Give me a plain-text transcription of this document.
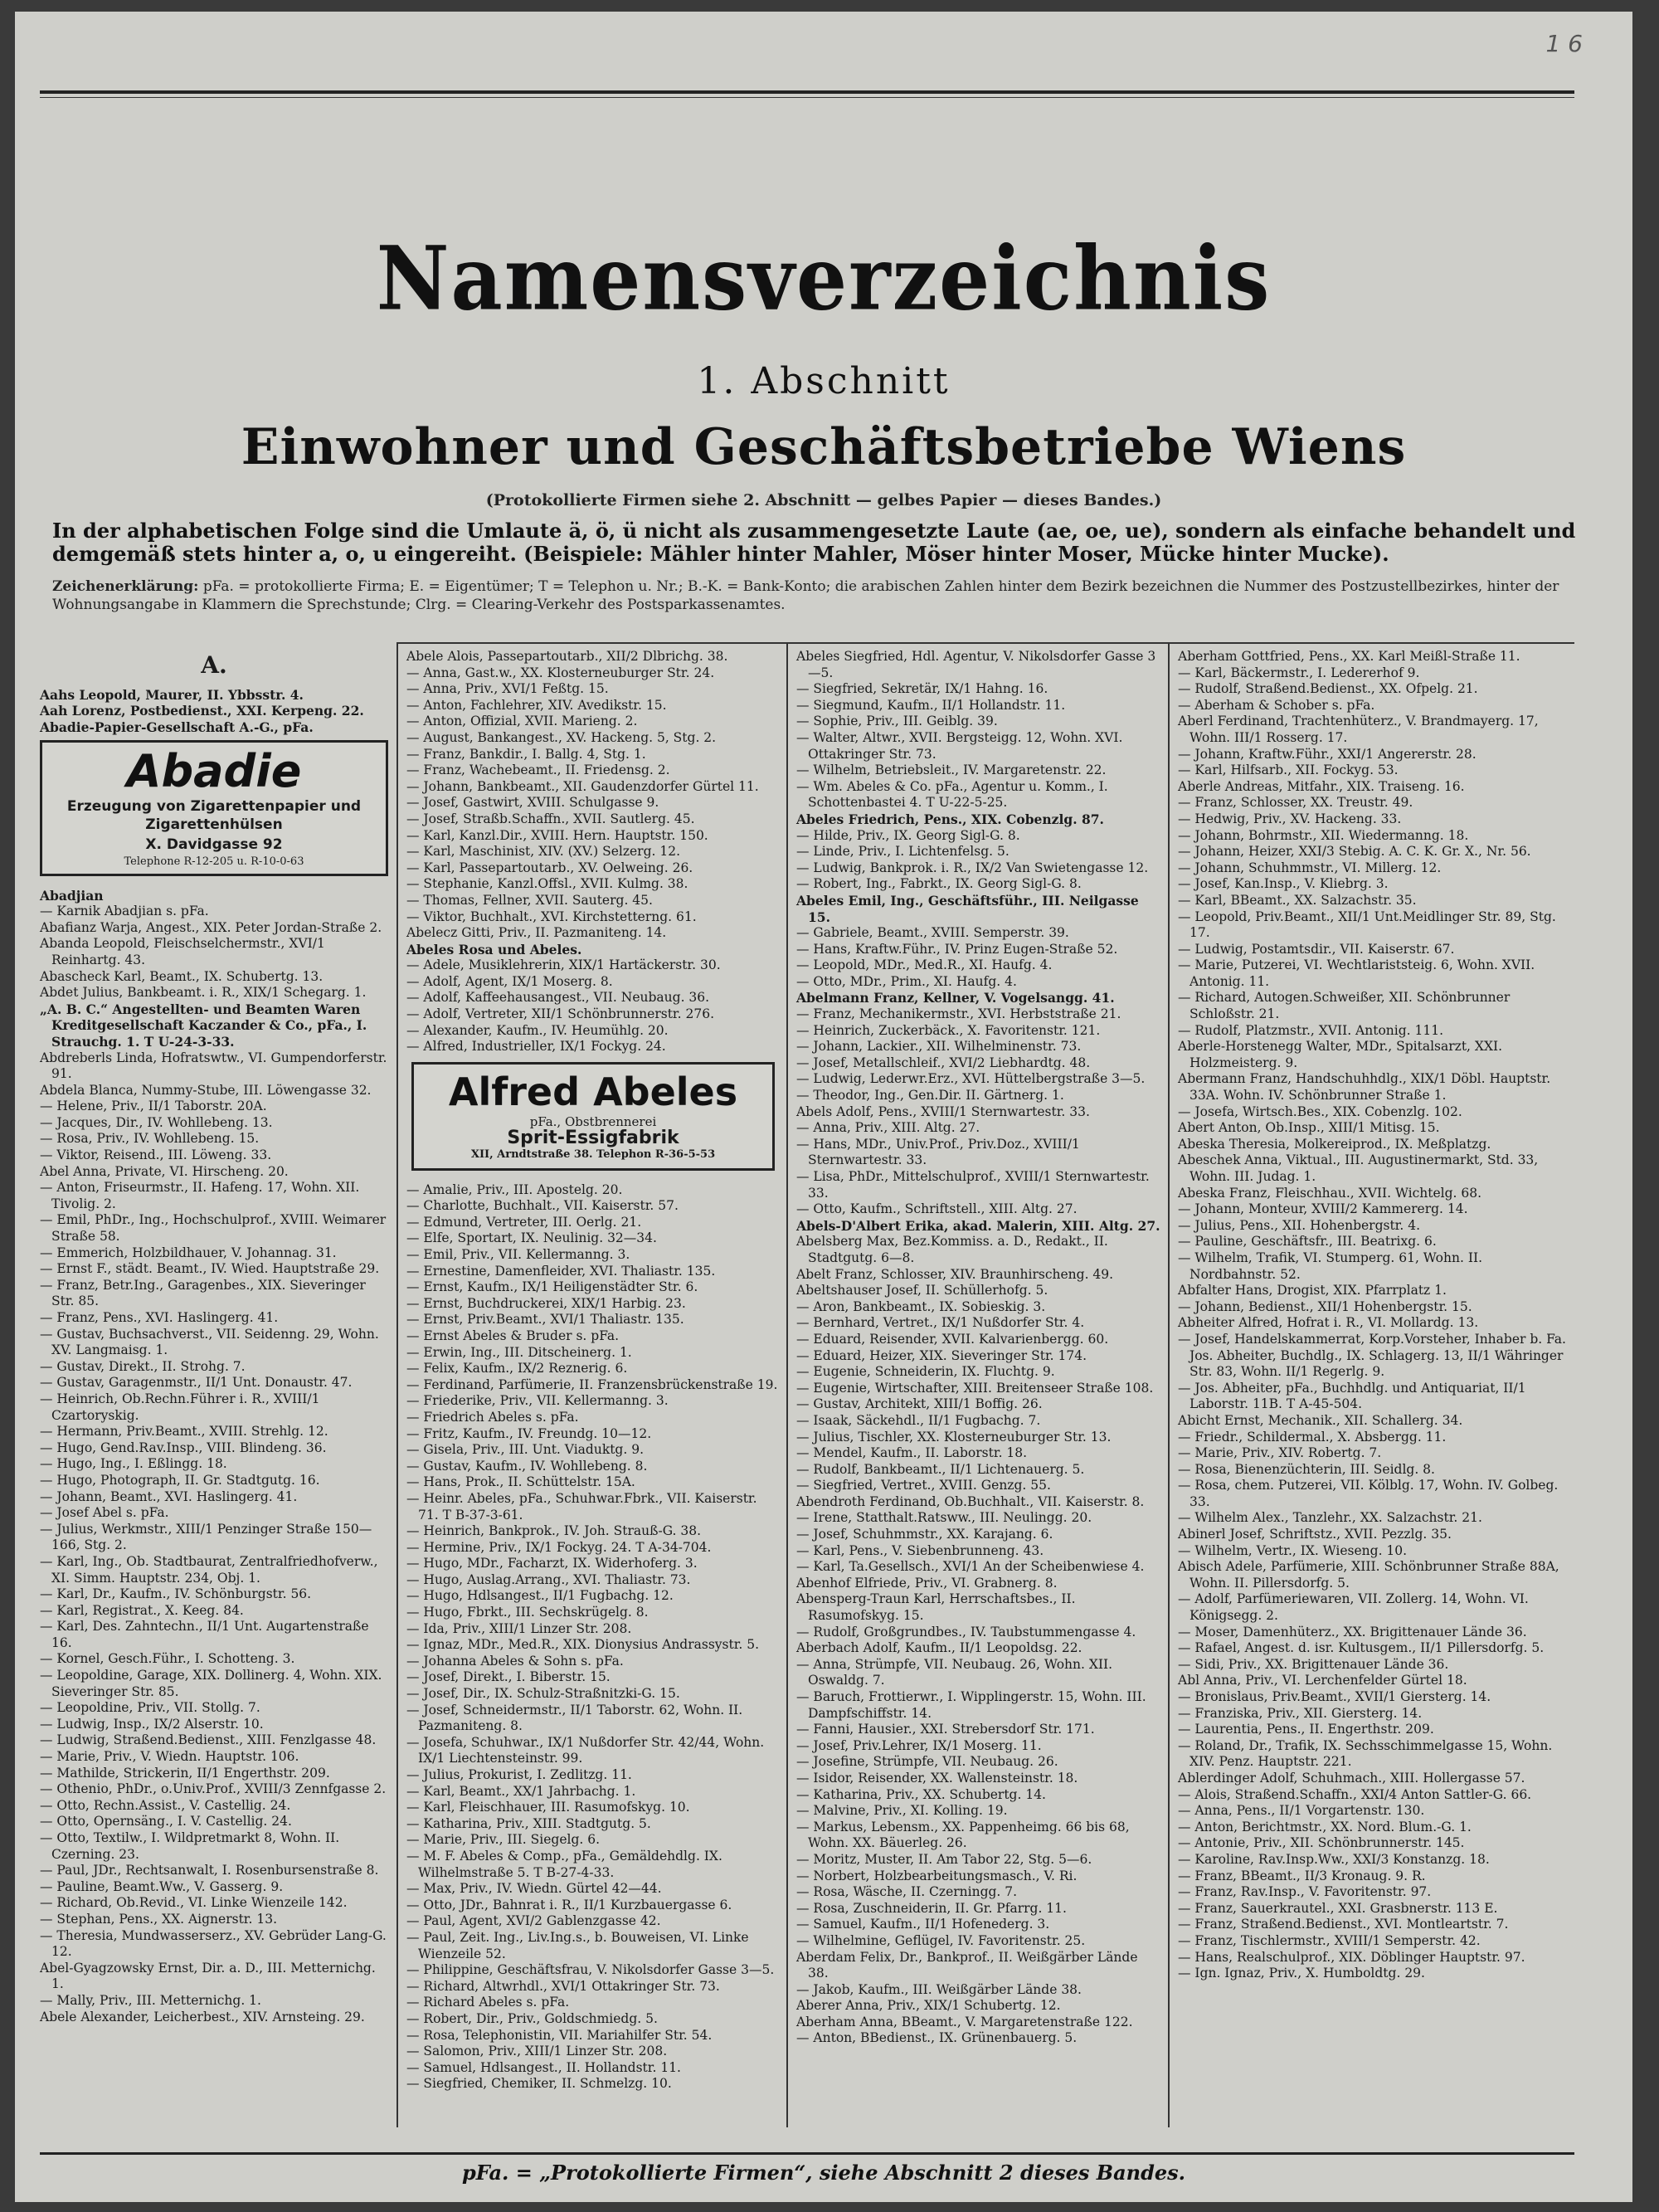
1 6
Namensverzeichnis
1. Abschnitt
Einwohner und Geschäftsbetriebe Wiens
(Protokollierte Firmen siehe 2. Abschnitt — gelbes Papier — dieses Bandes.)
In der alphabetischen Folge sind die Umlaute ä, ö, ü nicht als zusammengesetzte Laute (ae, oe, ue), sondern als einfache behandelt und demgemäß stets hinter a, o, u eingereiht. (Beispiele: Mähler hinter Mahler, Möser hinter Moser, Mücke hinter Mucke).
Zeichenerklärung: pFa. = protokollierte Firma; E. = Eigentümer; T = Telephon u. Nr.; B.-K. = Bank-Konto; die arabischen Zahlen hinter dem Bezirk bezeichnen die Nummer des Postzustellbezirkes, hinter der Wohnungsangabe in Klammern die Sprechstunde; Clrg. = Clearing-Verkehr des Postsparkassenamtes.
A.
Aahs Leopold, Maurer, II. Ybbsstr. 4.
Aah Lorenz, Postbedienst., XXI. Kerpeng. 22.
Abadie-Papier-Gesellschaft A.-G., pFa.
Abadie
Erzeugung von Zigarettenpapier und
Zigarettenhülsen
X. Davidgasse 92
Telephone R-12-205 u. R-10-0-63
Abadjian
— Karnik Abadjian s. pFa.
Abafianz Warja, Angest., XIX. Peter Jordan-Straße 2.
Abanda Leopold, Fleischselchermstr., XVI/1 Reinhartg. 43.
Abascheck Karl, Beamt., IX. Schubertg. 13.
Abdet Julius, Bankbeamt. i. R., XIX/1 Schegarg. 1.
„A. B. C.“ Angestellten- und Beamten Waren Kreditgesellschaft Kaczander & Co., pFa., I. Strauchg. 1. T U-24-3-33.
Abdreberls Linda, Hofratswtw., VI. Gumpendorferstr. 91.
Abdela Blanca, Nummy-Stube, III. Löwengasse 32.
— Helene, Priv., II/1 Taborstr. 20A.
— Jacques, Dir., IV. Wohllebeng. 13.
— Rosa, Priv., IV. Wohllebeng. 15.
— Viktor, Reisend., III. Löweng. 33.
Abel Anna, Private, VI. Hirscheng. 20.
— Anton, Friseurmstr., II. Hafeng. 17, Wohn. XII. Tivolig. 2.
— Emil, PhDr., Ing., Hochschulprof., XVIII. Weimarer Straße 58.
— Emmerich, Holzbildhauer, V. Johannag. 31.
— Ernst F., städt. Beamt., IV. Wied. Hauptstraße 29.
— Franz, Betr.Ing., Garagenbes., XIX. Sieveringer Str. 85.
— Franz, Pens., XVI. Haslingerg. 41.
— Gustav, Buchsachverst., VII. Seidenng. 29, Wohn. XV. Langmaisg. 1.
— Gustav, Direkt., II. Strohg. 7.
— Gustav, Garagenmstr., II/1 Unt. Donaustr. 47.
— Heinrich, Ob.Rechn.Führer i. R., XVIII/1 Czartoryskig.
— Hermann, Priv.Beamt., XVIII. Strehlg. 12.
— Hugo, Gend.Rav.Insp., VIII. Blindeng. 36.
— Hugo, Ing., I. Eßlingg. 18.
— Hugo, Photograph, II. Gr. Stadtgutg. 16.
— Johann, Beamt., XVI. Haslingerg. 41.
— Josef Abel s. pFa.
— Julius, Werkmstr., XIII/1 Penzinger Straße 150—166, Stg. 2.
— Karl, Ing., Ob. Stadtbaurat, Zentralfriedhofverw., XI. Simm. Hauptstr. 234, Obj. 1.
— Karl, Dr., Kaufm., IV. Schönburgstr. 56.
— Karl, Registrat., X. Keeg. 84.
— Karl, Des. Zahntechn., II/1 Unt. Augartenstraße 16.
— Kornel, Gesch.Führ., I. Schotteng. 3.
— Leopoldine, Garage, XIX. Dollinerg. 4, Wohn. XIX. Sieveringer Str. 85.
— Leopoldine, Priv., VII. Stollg. 7.
— Ludwig, Insp., IX/2 Alserstr. 10.
— Ludwig, Straßend.Bedienst., XIII. Fenzlgasse 48.
— Marie, Priv., V. Wiedn. Hauptstr. 106.
— Mathilde, Strickerin, II/1 Engerthstr. 209.
— Othenio, PhDr., o.Univ.Prof., XVIII/3 Zennfgasse 2.
— Otto, Rechn.Assist., V. Castellig. 24.
— Otto, Opernsäng., I. V. Castellig. 24.
— Otto, Textilw., I. Wildpretmarkt 8, Wohn. II. Czerning. 23.
— Paul, JDr., Rechtsanwalt, I. Rosenbursenstraße 8.
— Pauline, Beamt.Ww., V. Gasserg. 9.
— Richard, Ob.Revid., VI. Linke Wienzeile 142.
— Stephan, Pens., XX. Aignerstr. 13.
— Theresia, Mundwasserserz., XV. Gebrüder Lang-G. 12.
Abel-Gyagzowsky Ernst, Dir. a. D., III. Metternichg. 1.
— Mally, Priv., III. Metternichg. 1.
Abele Alexander, Leicherbest., XIV. Arnsteing. 29.
Abele Alois, Passepartoutarb., XII/2 Dlbrichg. 38.
— Anna, Gast.w., XX. Klosterneuburger Str. 24.
— Anna, Priv., XVI/1 Feßtg. 15.
— Anton, Fachlehrer, XIV. Avedikstr. 15.
— Anton, Offizial, XVII. Marieng. 2.
— August, Bankangest., XV. Hackeng. 5, Stg. 2.
— Franz, Bankdir., I. Ballg. 4, Stg. 1.
— Franz, Wachebeamt., II. Friedensg. 2.
— Johann, Bankbeamt., XII. Gaudenzdorfer Gürtel 11.
— Josef, Gastwirt, XVIII. Schulgasse 9.
— Josef, Straßb.Schaffn., XVII. Sautlerg. 45.
— Karl, Kanzl.Dir., XVIII. Hern. Hauptstr. 150.
— Karl, Maschinist, XIV. (XV.) Selzerg. 12.
— Karl, Passepartoutarb., XV. Oelweing. 26.
— Stephanie, Kanzl.Offsl., XVII. Kulmg. 38.
— Thomas, Fellner, XVII. Sauterg. 45.
— Viktor, Buchhalt., XVI. Kirchstetterng. 61.
Abelecz Gitti, Priv., II. Pazmaniteng. 14.
Abeles Rosa und Abeles.
— Adele, Musiklehrerin, XIX/1 Hartäckerstr. 30.
— Adolf, Agent, IX/1 Moserg. 8.
— Adolf, Kaffeehausangest., VII. Neubaug. 36.
— Adolf, Vertreter, XII/1 Schönbrunnerstr. 276.
— Alexander, Kaufm., IV. Heumühlg. 20.
— Alfred, Industrieller, IX/1 Fockyg. 24.
Alfred Abeles
pFa., Obstbrennerei
Sprit-Essigfabrik
XII, Arndtstraße 38. Telephon R-36-5-53
— Amalie, Priv., III. Apostelg. 20.
— Charlotte, Buchhalt., VII. Kaiserstr. 57.
— Edmund, Vertreter, III. Oerlg. 21.
— Elfe, Sportart, IX. Neulinig. 32—34.
— Emil, Priv., VII. Kellermanng. 3.
— Ernestine, Damenfleider, XVI. Thaliastr. 135.
— Ernst, Kaufm., IX/1 Heiligenstädter Str. 6.
— Ernst, Buchdruckerei, XIX/1 Harbig. 23.
— Ernst, Priv.Beamt., XVI/1 Thaliastr. 135.
— Ernst Abeles & Bruder s. pFa.
— Erwin, Ing., III. Ditscheinerg. 1.
— Felix, Kaufm., IX/2 Reznerig. 6.
— Ferdinand, Parfümerie, II. Franzensbrückenstraße 19.
— Friederike, Priv., VII. Kellermanng. 3.
— Friedrich Abeles s. pFa.
— Fritz, Kaufm., IV. Freundg. 10—12.
— Gisela, Priv., III. Unt. Viaduktg. 9.
— Gustav, Kaufm., IV. Wohllebeng. 8.
— Hans, Prok., II. Schüttelstr. 15A.
— Heinr. Abeles, pFa., Schuhwar.Fbrk., VII. Kaiserstr. 71. T B-37-3-61.
— Heinrich, Bankprok., IV. Joh. Strauß-G. 38.
— Hermine, Priv., IX/1 Fockyg. 24. T A-34-704.
— Hugo, MDr., Facharzt, IX. Widerhoferg. 3.
— Hugo, Auslag.Arrang., XVI. Thaliastr. 73.
— Hugo, Hdlsangest., II/1 Fugbachg. 12.
— Hugo, Fbrkt., III. Sechskrügelg. 8.
— Ida, Priv., XIII/1 Linzer Str. 208.
— Ignaz, MDr., Med.R., XIX. Dionysius Andrassystr. 5.
— Johanna Abeles & Sohn s. pFa.
— Josef, Direkt., I. Biberstr. 15.
— Josef, Dir., IX. Schulz-Straßnitzki-G. 15.
— Josef, Schneidermstr., II/1 Taborstr. 62, Wohn. II. Pazmaniteng. 8.
— Josefa, Schuhwar., IX/1 Nußdorfer Str. 42/44, Wohn. IX/1 Liechtensteinstr. 99.
— Julius, Prokurist, I. Zedlitzg. 11.
— Karl, Beamt., XX/1 Jahrbachg. 1.
— Karl, Fleischhauer, III. Rasumofskyg. 10.
— Katharina, Priv., XIII. Stadtgutg. 5.
— Marie, Priv., III. Siegelg. 6.
— M. F. Abeles & Comp., pFa., Gemäldehdlg. IX. Wilhelmstraße 5. T B-27-4-33.
— Max, Priv., IV. Wiedn. Gürtel 42—44.
— Otto, JDr., Bahnrat i. R., II/1 Kurzbauergasse 6.
— Paul, Agent, XVI/2 Gablenzgasse 42.
— Paul, Zeit. Ing., Liv.Ing.s., b. Bouweisen, VI. Linke Wienzeile 52.
— Philippine, Geschäftsfrau, V. Nikolsdorfer Gasse 3—5.
— Richard, Altwrhdl., XVI/1 Ottakringer Str. 73.
— Richard Abeles s. pFa.
— Robert, Dir., Priv., Goldschmiedg. 5.
— Rosa, Telephonistin, VII. Mariahilfer Str. 54.
— Salomon, Priv., XIII/1 Linzer Str. 208.
— Samuel, Hdlsangest., II. Hollandstr. 11.
— Siegfried, Chemiker, II. Schmelzg. 10.
Abeles Siegfried, Hdl. Agentur, V. Nikolsdorfer Gasse 3—5.
— Siegfried, Sekretär, IX/1 Hahng. 16.
— Siegmund, Kaufm., II/1 Hollandstr. 11.
— Sophie, Priv., III. Geiblg. 39.
— Walter, Altwr., XVII. Bergsteigg. 12, Wohn. XVI. Ottakringer Str. 73.
— Wilhelm, Betriebsleit., IV. Margaretenstr. 22.
— Wm. Abeles & Co. pFa., Agentur u. Komm., I. Schottenbastei 4. T U-22-5-25.
Abeles Friedrich, Pens., XIX. Cobenzlg. 87.
— Hilde, Priv., IX. Georg Sigl-G. 8.
— Linde, Priv., I. Lichtenfelsg. 5.
— Ludwig, Bankprok. i. R., IX/2 Van Swietengasse 12.
— Robert, Ing., Fabrkt., IX. Georg Sigl-G. 8.
Abeles Emil, Ing., Geschäftsführ., III. Neilgasse 15.
— Gabriele, Beamt., XVIII. Semperstr. 39.
— Hans, Kraftw.Führ., IV. Prinz Eugen-Straße 52.
— Leopold, MDr., Med.R., XI. Haufg. 4.
— Otto, MDr., Prim., XI. Haufg. 4.
Abelmann Franz, Kellner, V. Vogelsangg. 41.
— Franz, Mechanikermstr., XVI. Herbststraße 21.
— Heinrich, Zuckerbäck., X. Favoritenstr. 121.
— Johann, Lackier., XII. Wilhelminenstr. 73.
— Josef, Metallschleif., XVI/2 Liebhardtg. 48.
— Ludwig, Lederwr.Erz., XVI. Hüttelbergstraße 3—5.
— Theodor, Ing., Gen.Dir. II. Gärtnerg. 1.
Abels Adolf, Pens., XVIII/1 Sternwartestr. 33.
— Anna, Priv., XIII. Altg. 27.
— Hans, MDr., Univ.Prof., Priv.Doz., XVIII/1 Sternwartestr. 33.
— Lisa, PhDr., Mittelschulprof., XVIII/1 Sternwartestr. 33.
— Otto, Kaufm., Schriftstell., XIII. Altg. 27.
Abels-D'Albert Erika, akad. Malerin, XIII. Altg. 27.
Abelsberg Max, Bez.Kommiss. a. D., Redakt., II. Stadtgutg. 6—8.
Abelt Franz, Schlosser, XIV. Braunhirscheng. 49.
Abeltshauser Josef, II. Schüllerhofg. 5.
— Aron, Bankbeamt., IX. Sobieskig. 3.
— Bernhard, Vertret., IX/1 Nußdorfer Str. 4.
— Eduard, Reisender, XVII. Kalvarienbergg. 60.
— Eduard, Heizer, XIX. Sieveringer Str. 174.
— Eugenie, Schneiderin, IX. Fluchtg. 9.
— Eugenie, Wirtschafter, XIII. Breitenseer Straße 108.
— Gustav, Architekt, XIII/1 Boffig. 26.
— Isaak, Säckehdl., II/1 Fugbachg. 7.
— Julius, Tischler, XX. Klosterneuburger Str. 13.
— Mendel, Kaufm., II. Laborstr. 18.
— Rudolf, Bankbeamt., II/1 Lichtenauerg. 5.
— Siegfried, Vertret., XVIII. Genzg. 55.
Abendroth Ferdinand, Ob.Buchhalt., VII. Kaiserstr. 8.
— Irene, Statthalt.Ratsww., III. Neulingg. 20.
— Josef, Schuhmmstr., XX. Karajang. 6.
— Karl, Pens., V. Siebenbrunneng. 43.
— Karl, Ta.Gesellsch., XVI/1 An der Scheibenwiese 4.
Abenhof Elfriede, Priv., VI. Grabnerg. 8.
Abensperg-Traun Karl, Herrschaftsbes., II. Rasumofskyg. 15.
— Rudolf, Großgrundbes., IV. Taubstummengasse 4.
Aberbach Adolf, Kaufm., II/1 Leopoldsg. 22.
— Anna, Strümpfe, VII. Neubaug. 26, Wohn. XII. Oswaldg. 7.
— Baruch, Frottierwr., I. Wipplingerstr. 15, Wohn. III. Dampfschiffstr. 14.
— Fanni, Hausier., XXI. Strebersdorf Str. 171.
— Josef, Priv.Lehrer, IX/1 Moserg. 11.
— Josefine, Strümpfe, VII. Neubaug. 26.
— Isidor, Reisender, XX. Wallensteinstr. 18.
— Katharina, Priv., XX. Schubertg. 14.
— Malvine, Priv., XI. Kolling. 19.
— Markus, Lebensm., XX. Pappenheimg. 66 bis 68, Wohn. XX. Bäuerleg. 26.
— Moritz, Muster, II. Am Tabor 22, Stg. 5—6.
— Norbert, Holzbearbeitungsmasch., V. Ri.
— Rosa, Wäsche, II. Czerningg. 7.
— Rosa, Zuschneiderin, II. Gr. Pfarrg. 11.
— Samuel, Kaufm., II/1 Hofenederg. 3.
— Wilhelmine, Geflügel, IV. Favoritenstr. 25.
Aberdam Felix, Dr., Bankprof., II. Weißgärber Lände 38.
— Jakob, Kaufm., III. Weißgärber Lände 38.
Aberer Anna, Priv., XIX/1 Schubertg. 12.
Aberham Anna, BBeamt., V. Margaretenstraße 122.
— Anton, BBedienst., IX. Grünenbauerg. 5.
Aberham Gottfried, Pens., XX. Karl Meißl-Straße 11.
— Karl, Bäckermstr., I. Ledererhof 9.
— Rudolf, Straßend.Bedienst., XX. Ofpelg. 21.
— Aberham & Schober s. pFa.
Aberl Ferdinand, Trachtenhüterz., V. Brandmayerg. 17, Wohn. III/1 Rosserg. 17.
— Johann, Kraftw.Führ., XXI/1 Angererstr. 28.
— Karl, Hilfsarb., XII. Fockyg. 53.
Aberle Andreas, Mitfahr., XIX. Traiseng. 16.
— Franz, Schlosser, XX. Treustr. 49.
— Hedwig, Priv., XV. Hackeng. 33.
— Johann, Bohrmstr., XII. Wiedermanng. 18.
— Johann, Heizer, XXI/3 Stebig. A. C. K. Gr. X., Nr. 56.
— Johann, Schuhmmstr., VI. Millerg. 12.
— Josef, Kan.Insp., V. Kliebrg. 3.
— Karl, BBeamt., XX. Salzachstr. 35.
— Leopold, Priv.Beamt., XII/1 Unt.Meidlinger Str. 89, Stg. 17.
— Ludwig, Postamtsdir., VII. Kaiserstr. 67.
— Marie, Putzerei, VI. Wechtlariststeig. 6, Wohn. XVII. Antonig. 11.
— Richard, Autogen.Schweißer, XII. Schönbrunner Schloßstr. 21.
— Rudolf, Platzmstr., XVII. Antonig. 111.
Aberle-Horstenegg Walter, MDr., Spitalsarzt, XXI. Holzmeisterg. 9.
Abermann Franz, Handschuhhdlg., XIX/1 Döbl. Hauptstr. 33A. Wohn. IV. Schönbrunner Straße 1.
— Josefa, Wirtsch.Bes., XIX. Cobenzlg. 102.
Abert Anton, Ob.Insp., XIII/1 Mitisg. 15.
Abeska Theresia, Molkereiprod., IX. Meßplatzg.
Abeschek Anna, Viktual., III. Augustinermarkt, Std. 33, Wohn. III. Judag. 1.
Abeska Franz, Fleischhau., XVII. Wichtelg. 68.
— Johann, Monteur, XVIII/2 Kammererg. 14.
— Julius, Pens., XII. Hohenbergstr. 4.
— Pauline, Geschäftsfr., III. Beatrixg. 6.
— Wilhelm, Trafik, VI. Stumperg. 61, Wohn. II. Nordbahnstr. 52.
Abfalter Hans, Drogist, XIX. Pfarrplatz 1.
— Johann, Bedienst., XII/1 Hohenbergstr. 15.
Abheiter Alfred, Hofrat i. R., VI. Mollardg. 13.
— Josef, Handelskammerrat, Korp.Vorsteher, Inhaber b. Fa. Jos. Abheiter, Buchdlg., IX. Schlagerg. 13, II/1 Währinger Str. 83, Wohn. II/1 Regerlg. 9.
— Jos. Abheiter, pFa., Buchhdlg. und Antiquariat, II/1 Laborstr. 11B. T A-45-504.
Abicht Ernst, Mechanik., XII. Schallerg. 34.
— Friedr., Schildermal., X. Absbergg. 11.
— Marie, Priv., XIV. Robertg. 7.
— Rosa, Bienenzüchterin, III. Seidlg. 8.
— Rosa, chem. Putzerei, VII. Kölblg. 17, Wohn. IV. Golbeg. 33.
— Wilhelm Alex., Tanzlehr., XX. Salzachstr. 21.
Abinerl Josef, Schriftstz., XVII. Pezzlg. 35.
— Wilhelm, Vertr., IX. Wieseng. 10.
Abisch Adele, Parfümerie, XIII. Schönbrunner Straße 88A, Wohn. II. Pillersdorfg. 5.
— Adolf, Parfümeriewaren, VII. Zollerg. 14, Wohn. VI. Königsegg. 2.
— Moser, Damenhüterz., XX. Brigittenauer Lände 36.
— Rafael, Angest. d. isr. Kultusgem., II/1 Pillersdorfg. 5.
— Sidi, Priv., XX. Brigittenauer Lände 36.
Abl Anna, Priv., VI. Lerchenfelder Gürtel 18.
— Bronislaus, Priv.Beamt., XVII/1 Giersterg. 14.
— Franziska, Priv., XII. Giersterg. 14.
— Laurentia, Pens., II. Engerthstr. 209.
— Roland, Dr., Trafik, IX. Sechsschimmelgasse 15, Wohn. XIV. Penz. Hauptstr. 221.
Ablerdinger Adolf, Schuhmach., XIII. Hollergasse 57.
— Alois, Straßend.Schaffn., XXI/4 Anton Sattler-G. 66.
— Anna, Pens., II/1 Vorgartenstr. 130.
— Anton, Berichtmstr., XX. Nord. Blum.-G. 1.
— Antonie, Priv., XII. Schönbrunnerstr. 145.
— Karoline, Rav.Insp.Ww., XXI/3 Konstanzg. 18.
— Franz, BBeamt., II/3 Kronaug. 9. R.
— Franz, Rav.Insp., V. Favoritenstr. 97.
— Franz, Sauerkrautel., XXI. Grasbnerstr. 113 E.
— Franz, Straßend.Bedienst., XVI. Montleartstr. 7.
— Franz, Tischlermstr., XVIII/1 Semperstr. 42.
— Hans, Realschulprof., XIX. Döblinger Hauptstr. 97.
— Ign. Ignaz, Priv., X. Humboldtg. 29.
pFa. = „Protokollierte Firmen“, siehe Abschnitt 2 dieses Bandes.
